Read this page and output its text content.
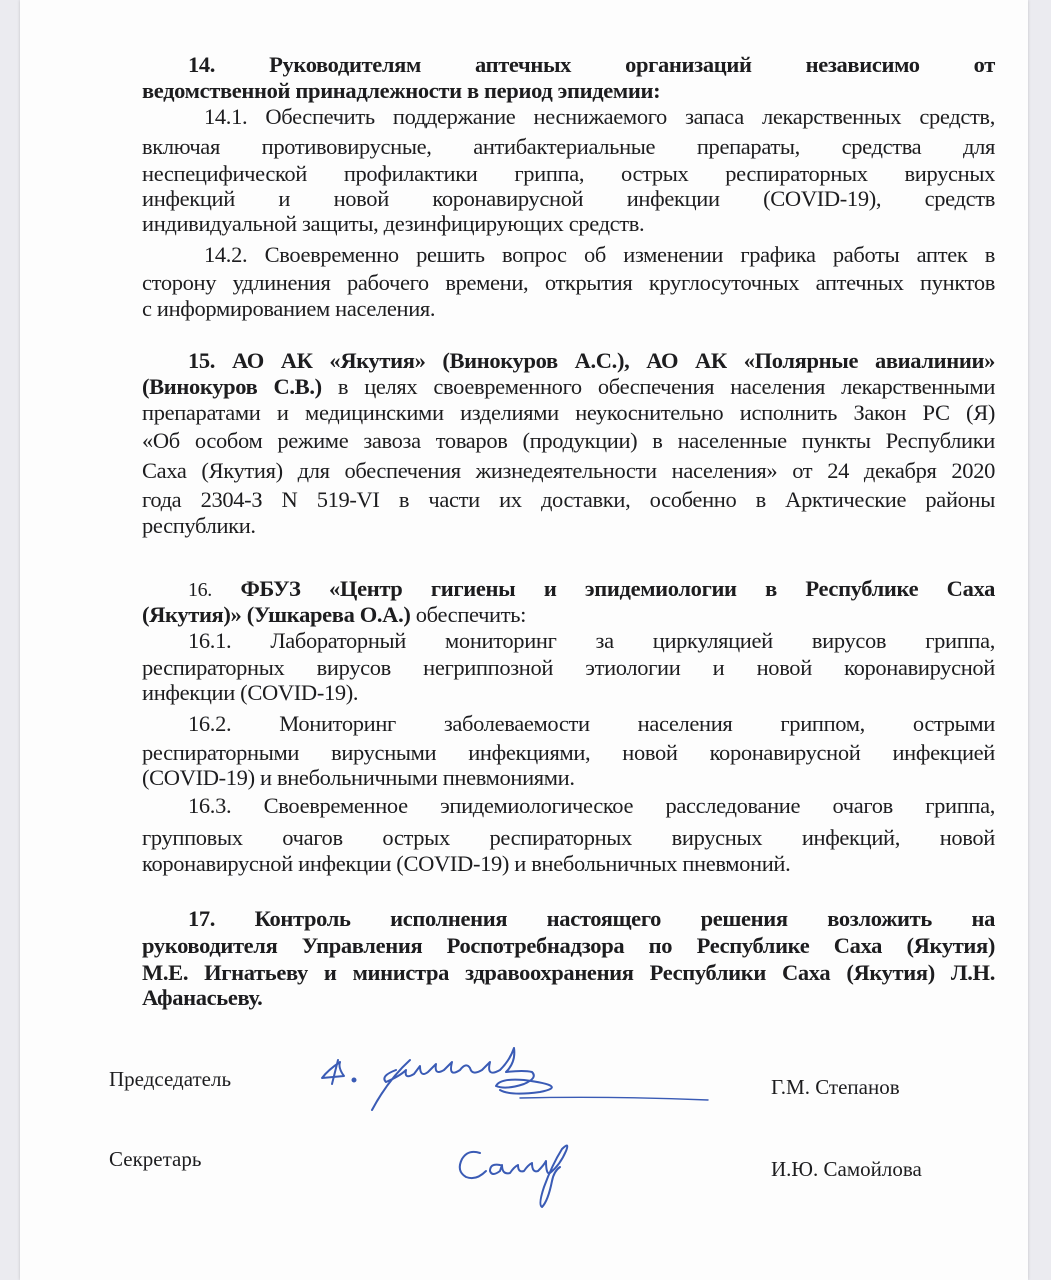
14. Руководителям аптечных организаций независимо от
ведомственной принадлежности в период эпидемии:
14.1. Обеспечить поддержание неснижаемого запаса лекарственных средств,
включая противовирусные, антибактериальные препараты, средства для
неспецифической профилактики гриппа, острых респираторных вирусных
инфекций и новой коронавирусной инфекции (COVID-19), средств
индивидуальной защиты, дезинфицирующих средств.
14.2. Своевременно решить вопрос об изменении графика работы аптек в
сторону удлинения рабочего времени, открытия круглосуточных аптечных пунктов
с информированием населения.
15. АО АК «Якутия» (Винокуров А.С.), АО АК «Полярные авиалинии»
(Винокуров С.В.) в целях своевременного обеспечения населения лекарственными
препаратами и медицинскими изделиями неукоснительно исполнить Закон РС (Я)
«Об особом режиме завоза товаров (продукции) в населенные пункты Республики
Саха (Якутия) для обеспечения жизнедеятельности населения» от 24 декабря 2020
года 2304-З N 519-VI в части их доставки, особенно в Арктические районы
республики.
16. ФБУЗ «Центр гигиены и эпидемиологии в Республике Саха
(Якутия)» (Ушкарева О.А.) обеспечить:
16.1. Лабораторный мониторинг за циркуляцией вирусов гриппа,
респираторных вирусов негриппозной этиологии и новой коронавирусной
инфекции (COVID-19).
16.2. Мониторинг заболеваемости населения гриппом, острыми
респираторными вирусными инфекциями, новой коронавирусной инфекцией
(COVID-19) и внебольничными пневмониями.
16.3. Своевременное эпидемиологическое расследование очагов гриппа,
групповых очагов острых респираторных вирусных инфекций, новой
коронавирусной инфекции (COVID-19) и внебольничных пневмоний.
17. Контроль исполнения настоящего решения возложить на
руководителя Управления Роспотребнадзора по Республике Саха (Якутия)
М.Е. Игнатьеву и министра здравоохранения Республики Саха (Якутия) Л.Н.
Афанасьеву.
Председатель	Г.М. Степанов
Секретарь	И.Ю. Самойлова
